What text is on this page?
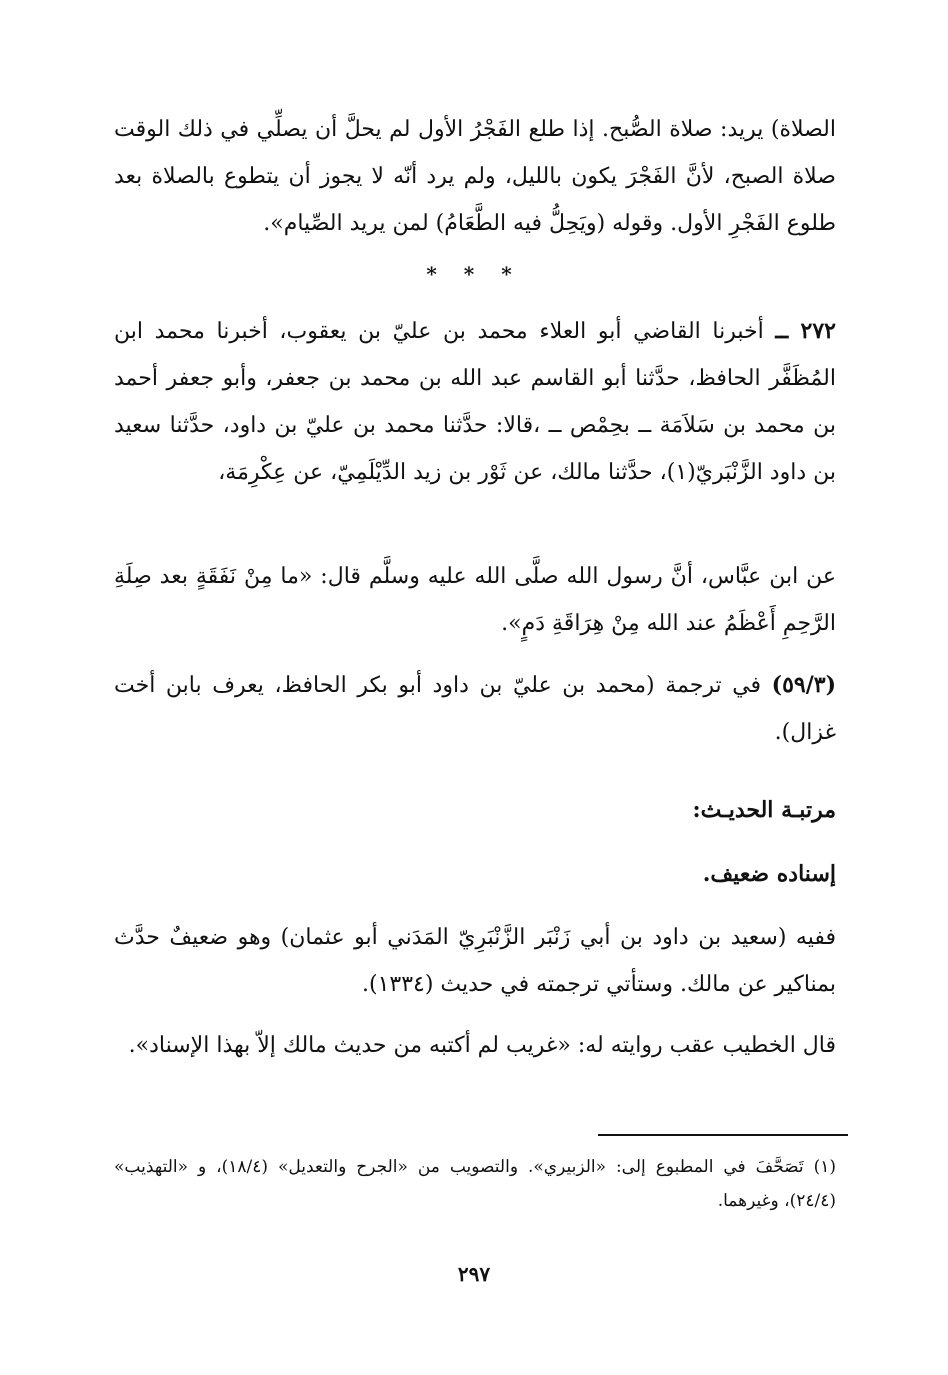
الصلاة) يريد: صلاة الصُّبح. إذا طلع الفَجْرُ الأول لم يحلَّ أن يصلِّي في ذلك الوقت صلاة الصبح، لأنَّ الفَجْرَ يكون بالليل، ولم يرد أنّه لا يجوز أن يتطوع بالصلاة بعد طلوع الفَجْرِ الأول. وقوله (ويَحِلُّ فيه الطَّعَامُ) لمن يريد الصِّيام».
* * *
٢٧٢ ــ أخبرنا القاضي أبو العلاء محمد بن عليّ بن يعقوب، أخبرنا محمد ابن المُظَفَّر الحافظ، حدَّثنا أبو القاسم عبد الله بن محمد بن جعفر، وأبو جعفر أحمد بن محمد بن سَلاَمَة ــ بحِمْص ــ ،قالا: حدَّثنا محمد بن عليّ بن داود، حدَّثنا سعيد بن داود الزَّنْبَريّ(١)، حدَّثنا مالك، عن ثَوْر بن زيد الدِّيْلَمِيّ، عن عِكْرِمَة،
عن ابن عبَّاس، أنَّ رسول الله صلَّى الله عليه وسلَّم قال: «ما مِنْ نَفَقَةٍ بعد صِلَةِ الرَّحِمِ أَعْظَمُ عند الله مِنْ هِرَاقَةِ دَمٍ».
(٥٩/٣) في ترجمة (محمد بن عليّ بن داود أبو بكر الحافظ، يعرف بابن أخت غزال).
مرتبـة الحديـث:
إسناده ضعيف.
ففيه (سعيد بن داود بن أبي زَنْبَر الزَّنْبَرِيّ المَدَني أبو عثمان) وهو ضعيفٌ حدَّث بمناكير عن مالك. وستأتي ترجمته في حديث (١٣٣٤).
قال الخطيب عقب روايته له: «غريب لم أكتبه من حديث مالك إلاّ بهذا الإسناد».
(١) تَصَحَّفَ في المطبوع إلى: «الزبيري». والتصويب من «الجرح والتعديل» (١٨/٤)، و «التهذيب» (٢٤/٤)، وغيرهما.
٢٩٧
